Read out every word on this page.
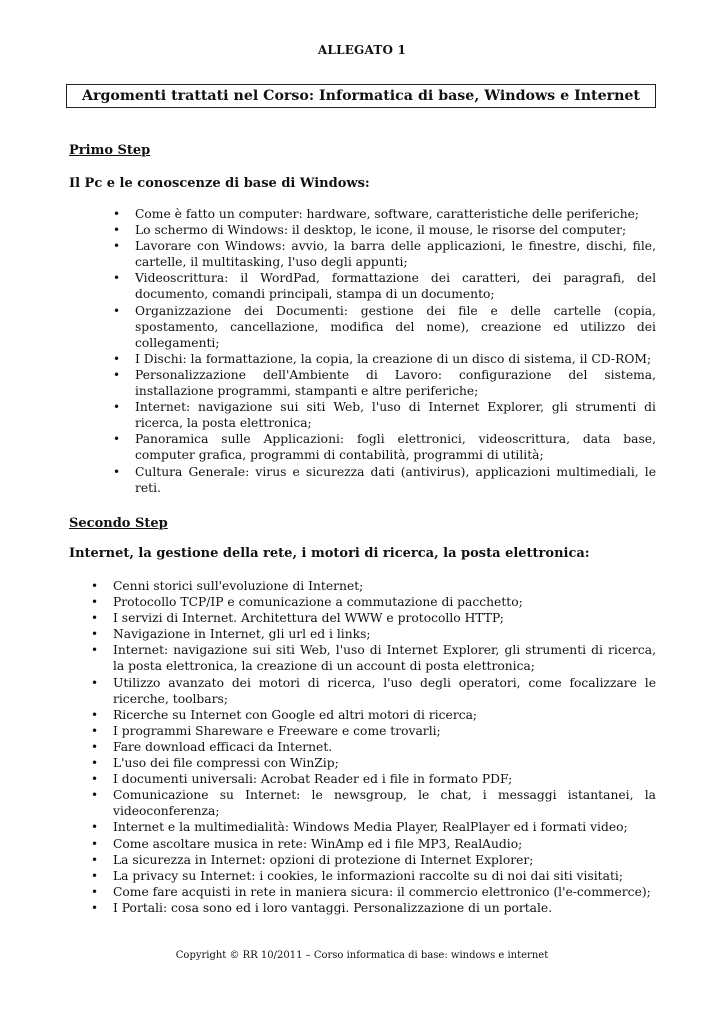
ALLEGATO 1
Argomenti trattati nel Corso: Informatica di base, Windows e Internet
Primo Step
Il Pc e le conoscenze di base di Windows:
• Come è fatto un computer: hardware, software, caratteristiche delle periferiche;
• Lo schermo di Windows: il desktop, le icone, il mouse, le risorse del computer;
• Lavorare con Windows: avvio, la barra delle applicazioni, le finestre, dischi, file, cartelle, il multitasking, l'uso degli appunti;
• Videoscrittura: il WordPad, formattazione dei caratteri, dei paragrafi, del documento, comandi principali, stampa di un documento;
• Organizzazione dei Documenti: gestione dei file e delle cartelle (copia, spostamento, cancellazione, modifica del nome), creazione ed utilizzo dei collegamenti;
• I Dischi: la formattazione, la copia, la creazione di un disco di sistema, il CD-ROM;
• Personalizzazione dell'Ambiente di Lavoro: configurazione del sistema, installazione programmi, stampanti e altre periferiche;
• Internet: navigazione sui siti Web, l'uso di Internet Explorer, gli strumenti di ricerca, la posta elettronica;
• Panoramica sulle Applicazioni: fogli elettronici, videoscrittura, data base, computer grafica, programmi di contabilità, programmi di utilità;
• Cultura Generale: virus e sicurezza dati (antivirus), applicazioni multimediali, le reti.
Secondo Step
Internet, la gestione della rete, i motori di ricerca, la posta elettronica:
• Cenni storici sull'evoluzione di Internet;
• Protocollo TCP/IP e comunicazione a commutazione di pacchetto;
• I servizi di Internet. Architettura del WWW e protocollo HTTP;
• Navigazione in Internet, gli url ed i links;
• Internet: navigazione sui siti Web, l'uso di Internet Explorer, gli strumenti di ricerca, la posta elettronica, la creazione di un account di posta elettronica;
• Utilizzo avanzato dei motori di ricerca, l'uso degli operatori, come focalizzare le ricerche, toolbars;
• Ricerche su Internet con Google ed altri motori di ricerca;
• I programmi Shareware e Freeware e come trovarli;
• Fare download efficaci da Internet.
• L'uso dei file compressi con WinZip;
• I documenti universali: Acrobat Reader ed i file in formato PDF;
• Comunicazione su Internet: le newsgroup, le chat, i messaggi istantanei, la videoconferenza;
• Internet e la multimedialità: Windows Media Player, RealPlayer ed i formati video;
• Come ascoltare musica in rete: WinAmp ed i file MP3, RealAudio;
• La sicurezza in Internet: opzioni di protezione di Internet Explorer;
• La privacy su Internet: i cookies, le informazioni raccolte su di noi dai siti visitati;
• Come fare acquisti in rete in maniera sicura: il commercio elettronico (l'e-commerce);
• I Portali: cosa sono ed i loro vantaggi. Personalizzazione di un portale.
Copyright © RR 10/2011 – Corso informatica di base: windows e internet
